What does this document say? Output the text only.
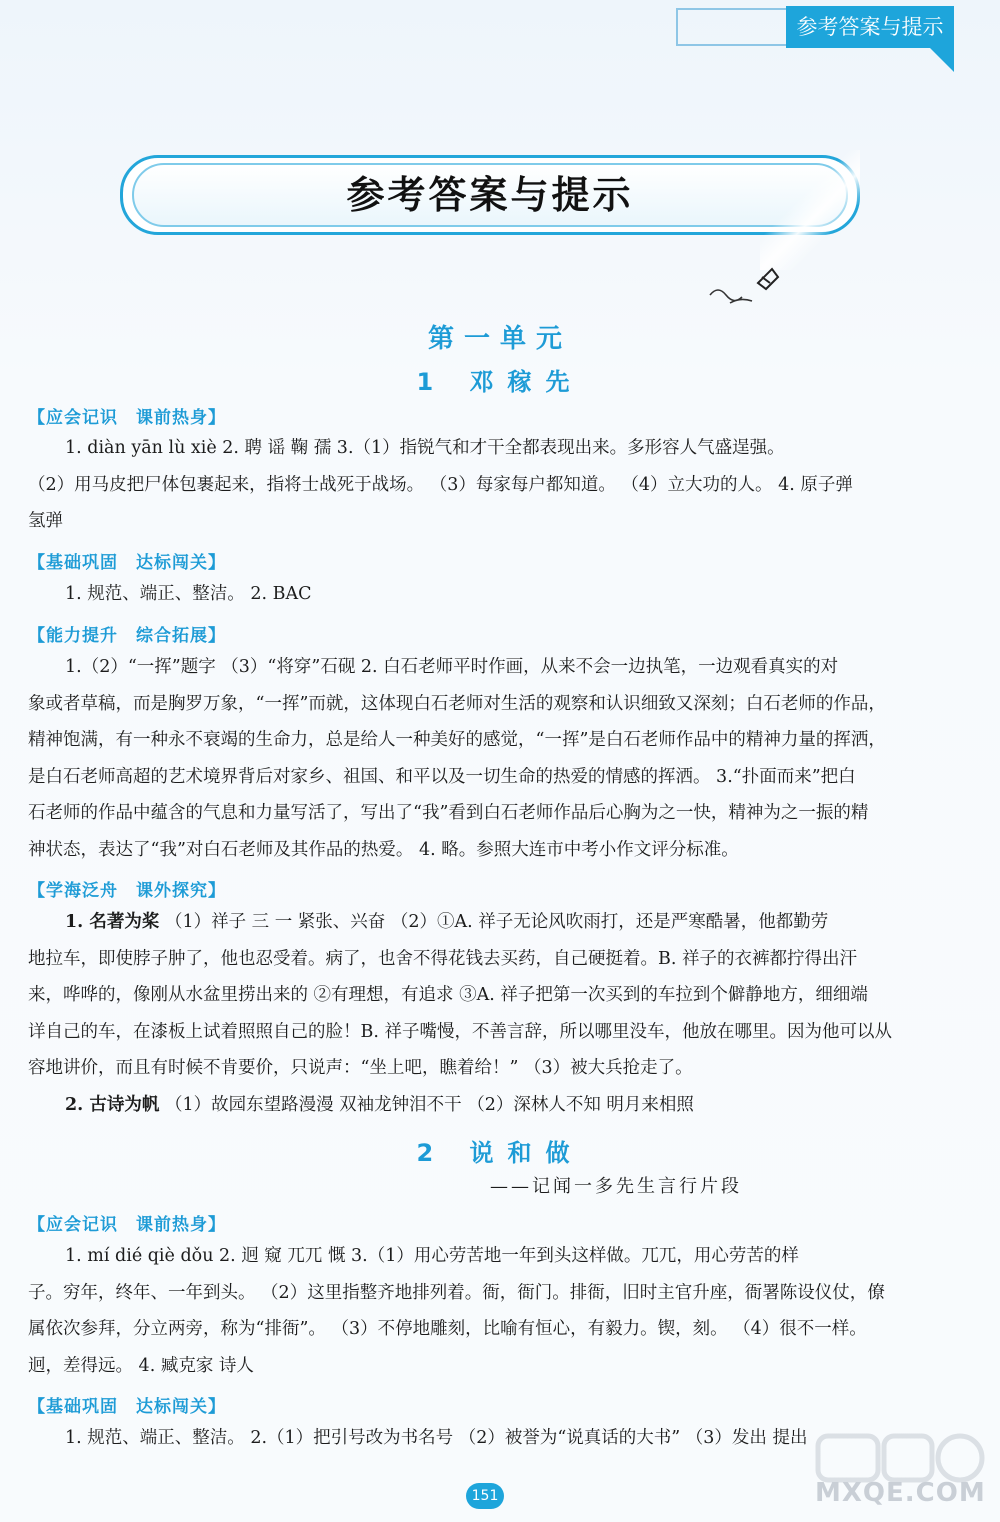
参考答案与提示
参考答案与提示
第一单元
1 邓稼先
【应会记识　课前热身】
1. diàn yān lù xiè 2. 聘 谣 鞠 孺 3.（1）指锐气和才干全都表现出来。多形容人气盛逞强。
（2）用马皮把尸体包裹起来，指将士战死于战场。 （3）每家每户都知道。 （4）立大功的人。 4. 原子弹
氢弹
【基础巩固　达标闯关】
1. 规范、端正、整洁。 2. BAC
【能力提升　综合拓展】
1.（2）“一挥”题字 （3）“将穿”石砚 2. 白石老师平时作画，从来不会一边执笔，一边观看真实的对
象或者草稿，而是胸罗万象，“一挥”而就，这体现白石老师对生活的观察和认识细致又深刻；白石老师的作品，
精神饱满，有一种永不衰竭的生命力，总是给人一种美好的感觉，“一挥”是白石老师作品中的精神力量的挥洒，
是白石老师高超的艺术境界背后对家乡、祖国、和平以及一切生命的热爱的情感的挥洒。 3.“扑面而来”把白
石老师的作品中蕴含的气息和力量写活了，写出了“我”看到白石老师作品后心胸为之一快，精神为之一振的精
神状态，表达了“我”对白石老师及其作品的热爱。 4. 略。参照大连市中考小作文评分标准。
【学海泛舟　课外探究】
1. 名著为桨 （1）祥子 三 一 紧张、兴奋 （2）①A. 祥子无论风吹雨打，还是严寒酷暑，他都勤劳
地拉车，即使脖子肿了，他也忍受着。病了，也舍不得花钱去买药，自己硬挺着。B. 祥子的衣裤都拧得出汗
来，哗哗的，像刚从水盆里捞出来的 ②有理想，有追求 ③A. 祥子把第一次买到的车拉到个僻静地方，细细端
详自己的车，在漆板上试着照照自己的脸！B. 祥子嘴慢，不善言辞，所以哪里没车，他放在哪里。因为他可以从
容地讲价，而且有时候不肯要价，只说声：“坐上吧，瞧着给！” （3）被大兵抢走了。
2. 古诗为帆 （1）故园东望路漫漫 双袖龙钟泪不干 （2）深林人不知 明月来相照
2 说和做
——记闻一多先生言行片段
【应会记识　课前热身】
1. mí dié qiè dǒu 2. 迥 窥 兀兀 慨 3.（1）用心劳苦地一年到头这样做。兀兀，用心劳苦的样
子。穷年，终年、一年到头。 （2）这里指整齐地排列着。衙，衙门。排衙，旧时主官升座，衙署陈设仪仗，僚
属依次参拜，分立两旁，称为“排衙”。 （3）不停地雕刻，比喻有恒心，有毅力。锲，刻。 （4）很不一样。
迥，差得远。 4. 臧克家 诗人
【基础巩固　达标闯关】
1. 规范、端正、整洁。 2.（1）把引号改为书名号 （2）被誉为“说真话的大书” （3）发出 提出
MXQE.COM
151
